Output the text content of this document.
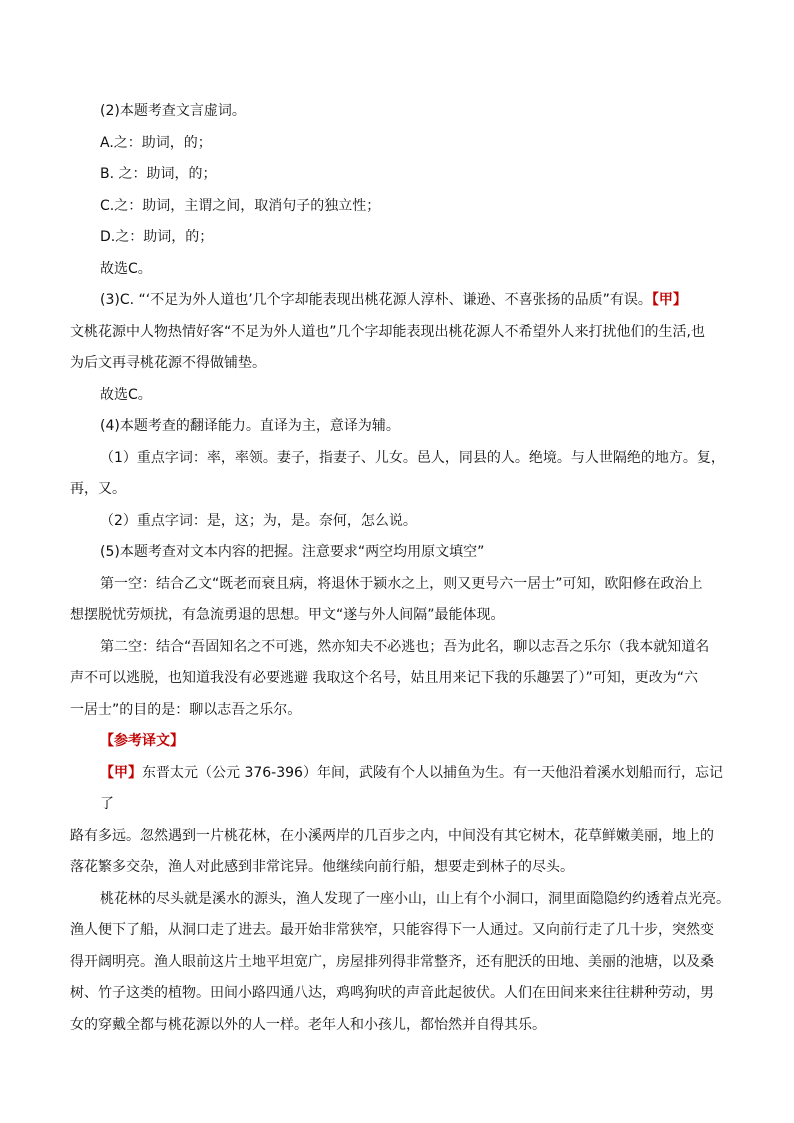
(2)本题考查文言虚词。
A.之：助词，的；
B. 之：助词，的；
C.之：助词，主谓之间，取消句子的独立性；
D.之：助词，的；
故选C。
(3)C. “‘不足为外人道也’几个字却能表现出桃花源人淳朴、谦逊、不喜张扬的品质”有误。【甲】
文桃花源中人物热情好客“不足为外人道也”几个字却能表现出桃花源人不希望外人来打扰他们的生活,也
为后文再寻桃花源不得做铺垫。
故选C。
(4)本题考查的翻译能力。直译为主，意译为辅。
（1）重点字词：率，率领。妻子，指妻子、儿女。邑人，同县的人。绝境。与人世隔绝的地方。复，
再，又。
（2）重点字词：是，这；为，是。奈何，怎么说。
(5)本题考查对文本内容的把握。注意要求“两空均用原文填空”
第一空：结合乙文“既老而衰且病，将退休于颍水之上，则又更号六一居士”可知，欧阳修在政治上
想摆脱忧劳烦扰，有急流勇退的思想。甲文“遂与外人间隔”最能体现。
第二空：结合“吾固知名之不可逃，然亦知夫不必逃也；吾为此名，聊以志吾之乐尔（我本就知道名
声不可以逃脱，也知道我没有必要逃避 我取这个名号，姑且用来记下我的乐趣罢了）”可知，更改为“六
一居士”的目的是：聊以志吾之乐尔。
【参考译文】
【甲】东晋太元（公元 376-396）年间，武陵有个人以捕鱼为生。有一天他沿着溪水划船而行，忘记了
路有多远。忽然遇到一片桃花林，在小溪两岸的几百步之内，中间没有其它树木，花草鲜嫩美丽，地上的
落花繁多交杂，渔人对此感到非常诧异。他继续向前行船，想要走到林子的尽头。
桃花林的尽头就是溪水的源头，渔人发现了一座小山，山上有个小洞口，洞里面隐隐约约透着点光亮。
渔人便下了船，从洞口走了进去。最开始非常狭窄，只能容得下一人通过。又向前行走了几十步，突然变
得开阔明亮。渔人眼前这片土地平坦宽广，房屋排列得非常整齐，还有肥沃的田地、美丽的池塘，以及桑
树、竹子这类的植物。田间小路四通八达，鸡鸣狗吠的声音此起彼伏。人们在田间来来往往耕种劳动，男
女的穿戴全都与桃花源以外的人一样。老年人和小孩儿，都怡然并自得其乐。
